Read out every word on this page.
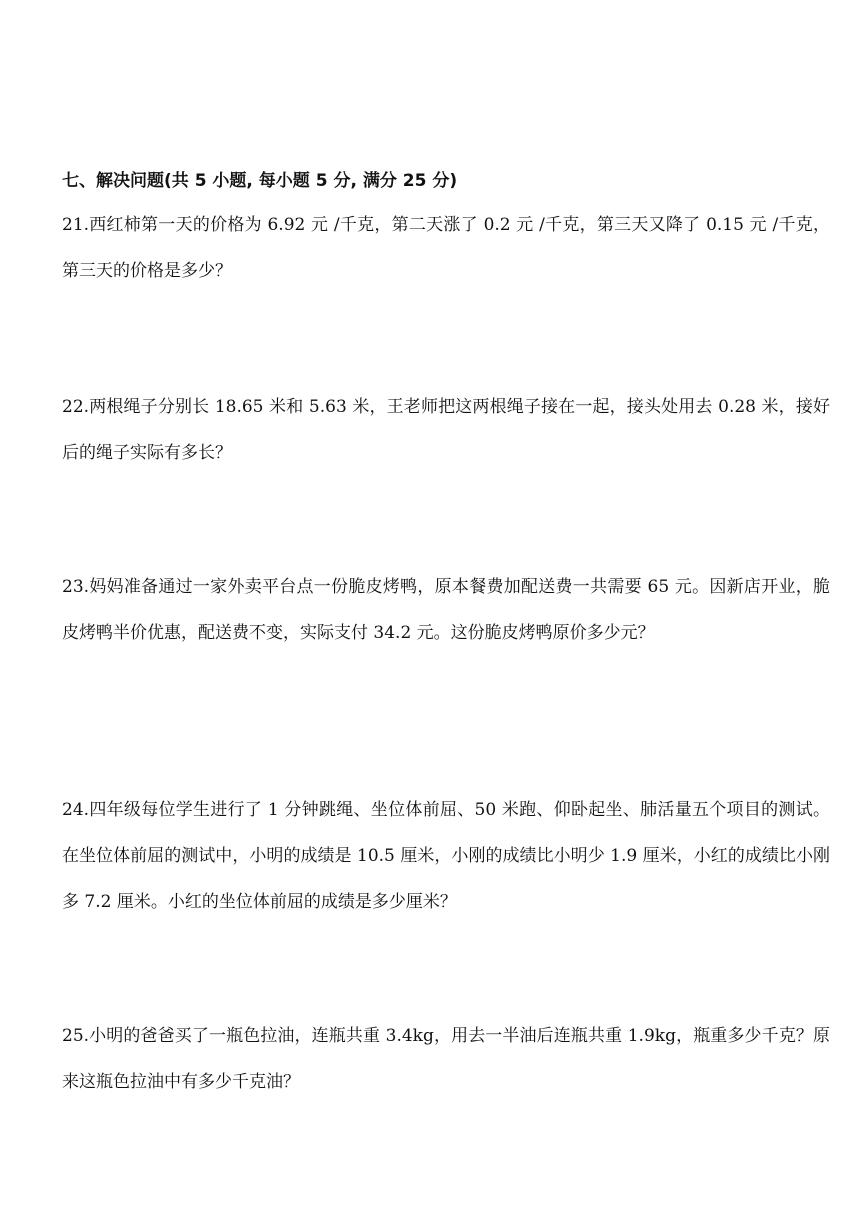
七、解决问题(共 5 小题, 每小题 5 分, 满分 25 分)
21.西红柿第一天的价格为 6.92 元 /千克，第二天涨了 0.2 元 /千克，第三天又降了 0.15 元 /千克，第三天的价格是多少？
22.两根绳子分别长 18.65 米和 5.63 米，王老师把这两根绳子接在一起，接头处用去 0.28 米，接好后的绳子实际有多长？
23.妈妈准备通过一家外卖平台点一份脆皮烤鸭，原本餐费加配送费一共需要 65 元。因新店开业，脆皮烤鸭半价优惠，配送费不变，实际支付 34.2 元。这份脆皮烤鸭原价多少元？
24.四年级每位学生进行了 1 分钟跳绳、坐位体前屈、50 米跑、仰卧起坐、肺活量五个项目的测试。在坐位体前屈的测试中，小明的成绩是 10.5 厘米，小刚的成绩比小明少 1.9 厘米，小红的成绩比小刚多 7.2 厘米。小红的坐位体前屈的成绩是多少厘米？
25.小明的爸爸买了一瓶色拉油，连瓶共重 3.4kg，用去一半油后连瓶共重 1.9kg，瓶重多少千克？原来这瓶色拉油中有多少千克油？
